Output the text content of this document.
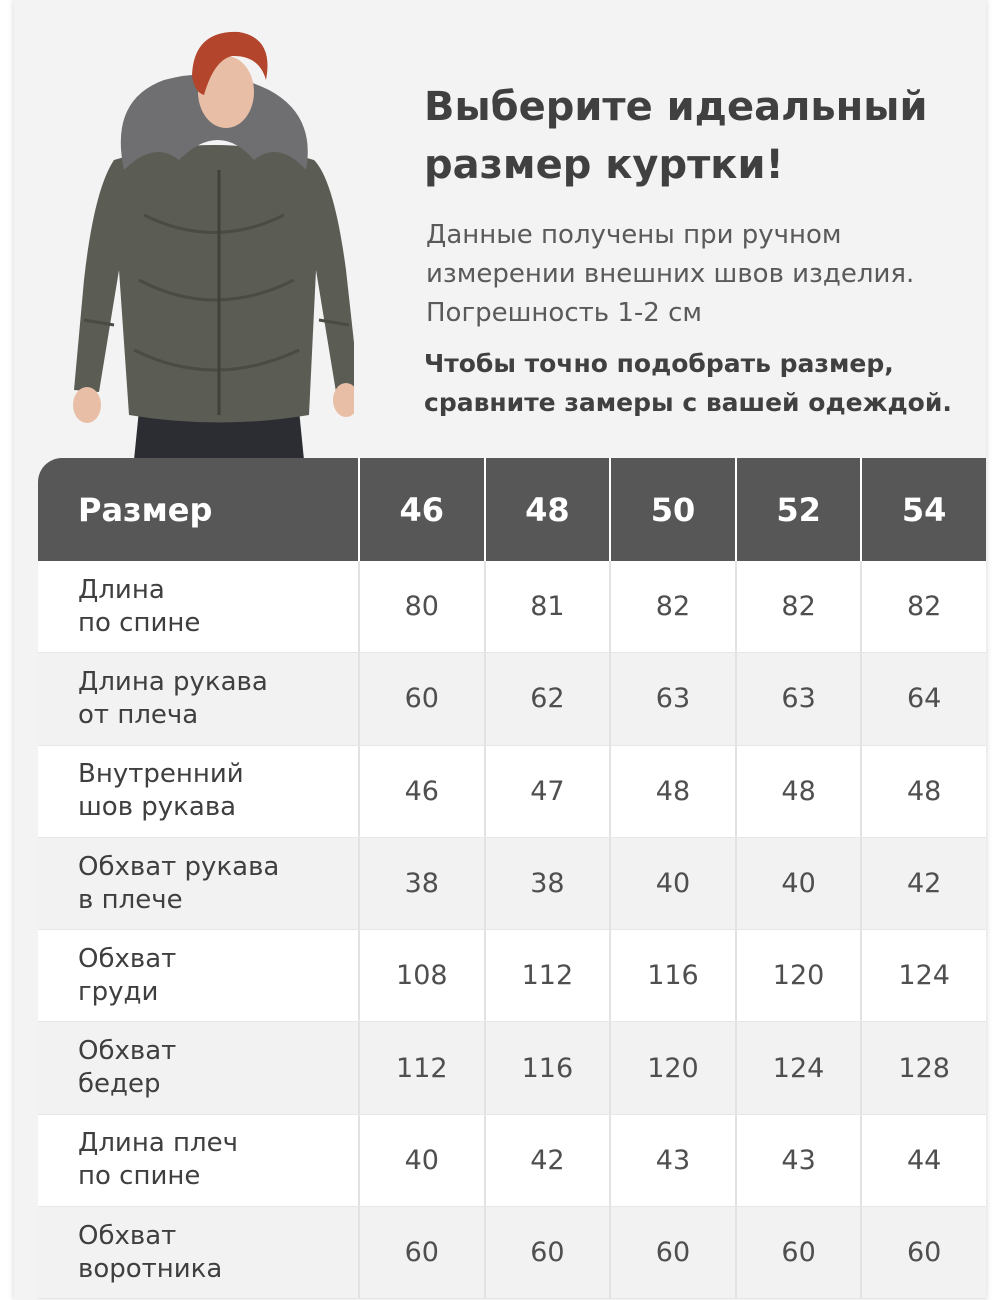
Выберите идеальный
размер куртки!
Данные получены при ручном
измерении внешних швов изделия.
Погрешность 1-2 см
Чтобы точно подобрать размер,
сравните замеры с вашей одеждой.
Размер	46	48	50	52	54
Длина
по спине
80	81	82	82	82
Длина рукава
от плеча
60	62	63	63	64
Внутренний
шов рукава
46	47	48	48	48
Обхват рукава
в плече
38	38	40	40	42
Обхват
груди
108	112	116	120	124
Обхват
бедер
112	116	120	124	128
Длина плеч
по спине
40	42	43	43	44
Обхват
воротника
60	60	60	60	60
